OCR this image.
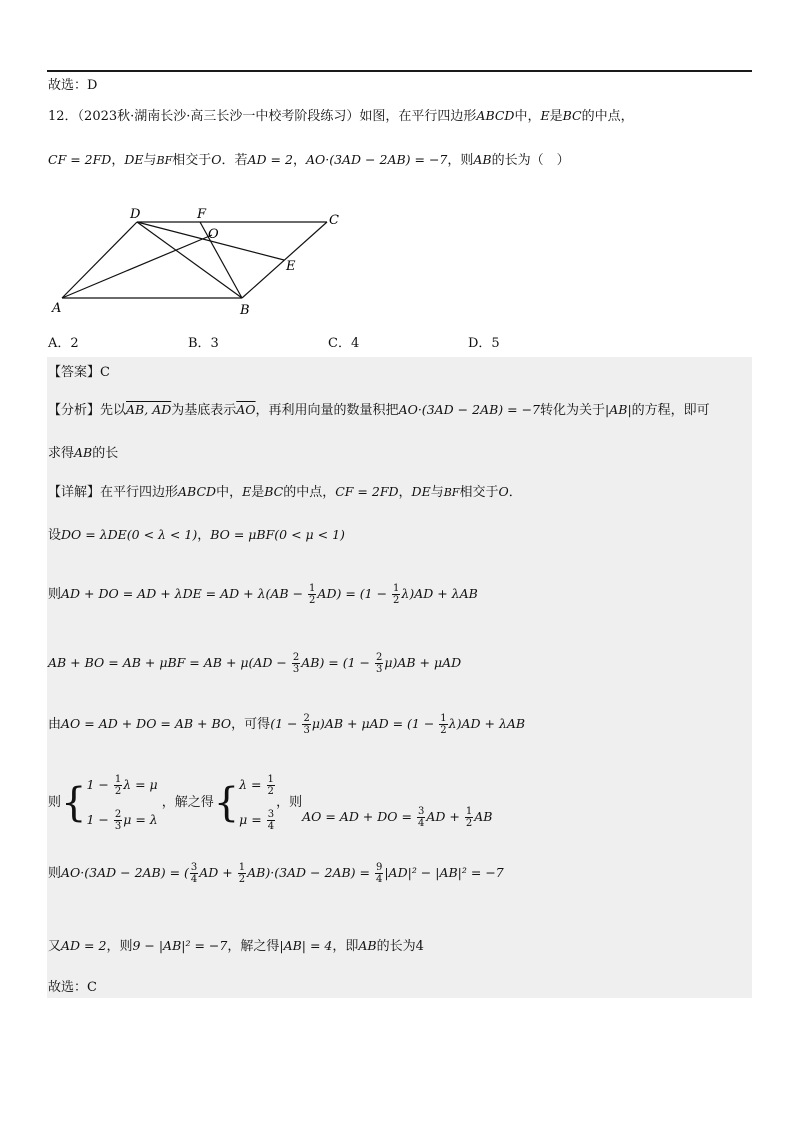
故选：D
12．（2023秋·湖南长沙·高三长沙一中校考阶段练习）如图，在平行四边形ABCD中，E是BC的中点，
CF = 2FD，DE与BF相交于O．若AD = 2，AO·(3AD − 2AB) = −7，则AB的长为（　）
A	B
C
D
E
F
O
A．2	B．3	C．4	D．5
【答案】C
【分析】先以AB, AD为基底表示$\overline{AO}$，再利用向量的数量积把AO·(3AD − 2AB) = −7转化为关于|AB|的方程，即可
求得AB的长
【详解】在平行四边形ABCD中，E是BC的中点，CF = 2FD，DE与BF相交于O．
设DO = λDE(0 < λ < 1)，BO = μBF(0 < μ < 1)
则AD + DO = AD + λDE = AD + $\lambda(AB - \frac{1}{2} AD) = (1 - \frac{1}{2} \lambda)AD + \lambda AB$
AB + BO = AB + μBF = AB + $\mu(AD - \frac{2}{3} AB) = (1 - \frac{2}{3} \mu)AB + \mu AD$
由AO = AD + DO = AB + BO，可得$(1 - \frac{2}{3} \mu)AB + \mu AD = (1 - \frac{1}{2} \lambda)AD + \lambda AB$
则{ $1 - \frac{1}{2}$ λ = μ
$1 - \frac{2}{3}$ μ = λ
，解之得{ $\lambda = \frac{1}{2}$
$\mu = \frac{3}{4}$
，则AO = AD + DO = $\frac{3}{4}$ AD + $\frac{1}{2}$ AB
则AO·(3AD − 2AB) = ( $\frac{3}{4}$ AD + $\frac{1}{2} AB)\cdot(3AD - 2AB) = \frac{9}{4} |AD|^2 - |AB|^2 = -7$
又AD = 2，则9 − |AB|² = −7，解之得|AB| = 4，即AB的长为4
故选：C
